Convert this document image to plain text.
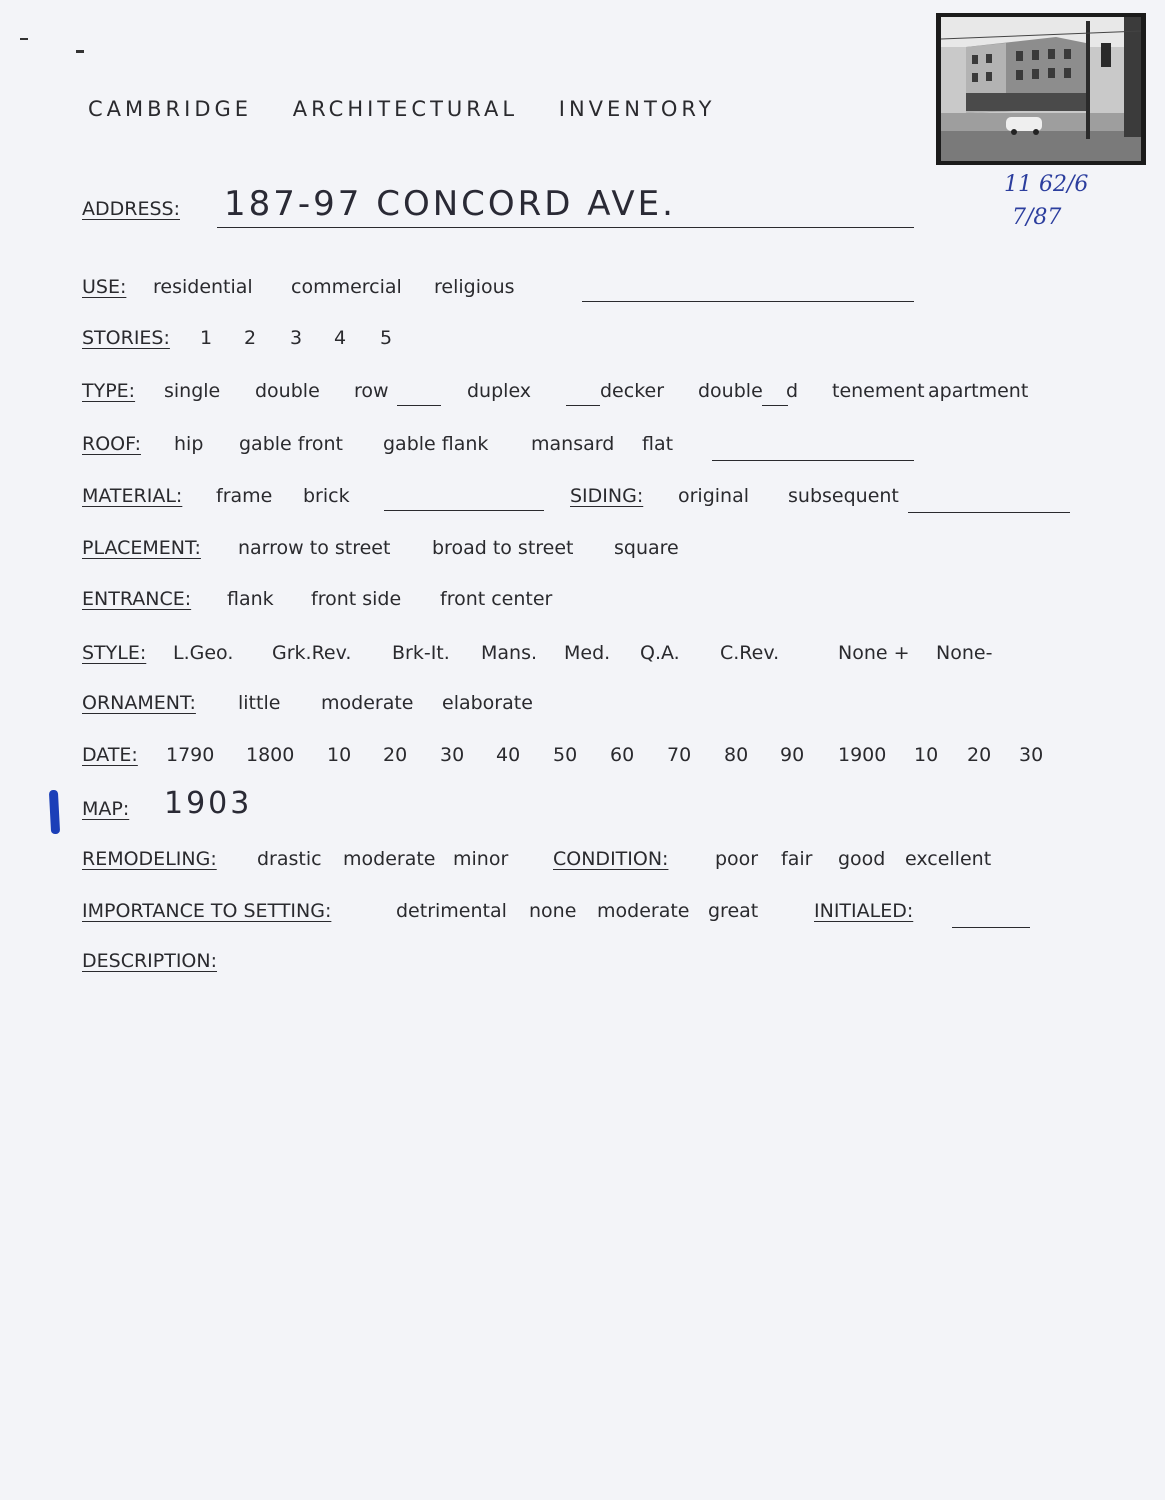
CAMBRIDGE ARCHITECTURAL INVENTORY
11 62/6
7/87
ADDRESS: 187-97 CONCORD AVE.
USE: residential commercial religious
STORIES: 1 2 3 4 5
TYPE: single double row	duplex	decker double d tenement apartment
ROOF: hip gable front gable flank mansard flat
MATERIAL: frame brick	SIDING: original subsequent
PLACEMENT: narrow to street broad to street square
ENTRANCE: flank front side front center
STYLE: L.Geo. Grk.Rev. Brk-It. Mans. Med. Q.A. C.Rev.	None + None-
ORNAMENT: little moderate elaborate
DATE: 1790 1800 10 20 30 40 50 60 70 80 90 1900 10 20 30
MAP: 1903
REMODELING: drastic moderate minor CONDITION: poor fair good excellent
IMPORTANCE TO SETTING:	detrimental none moderate great	INITIALED:
DESCRIPTION:
